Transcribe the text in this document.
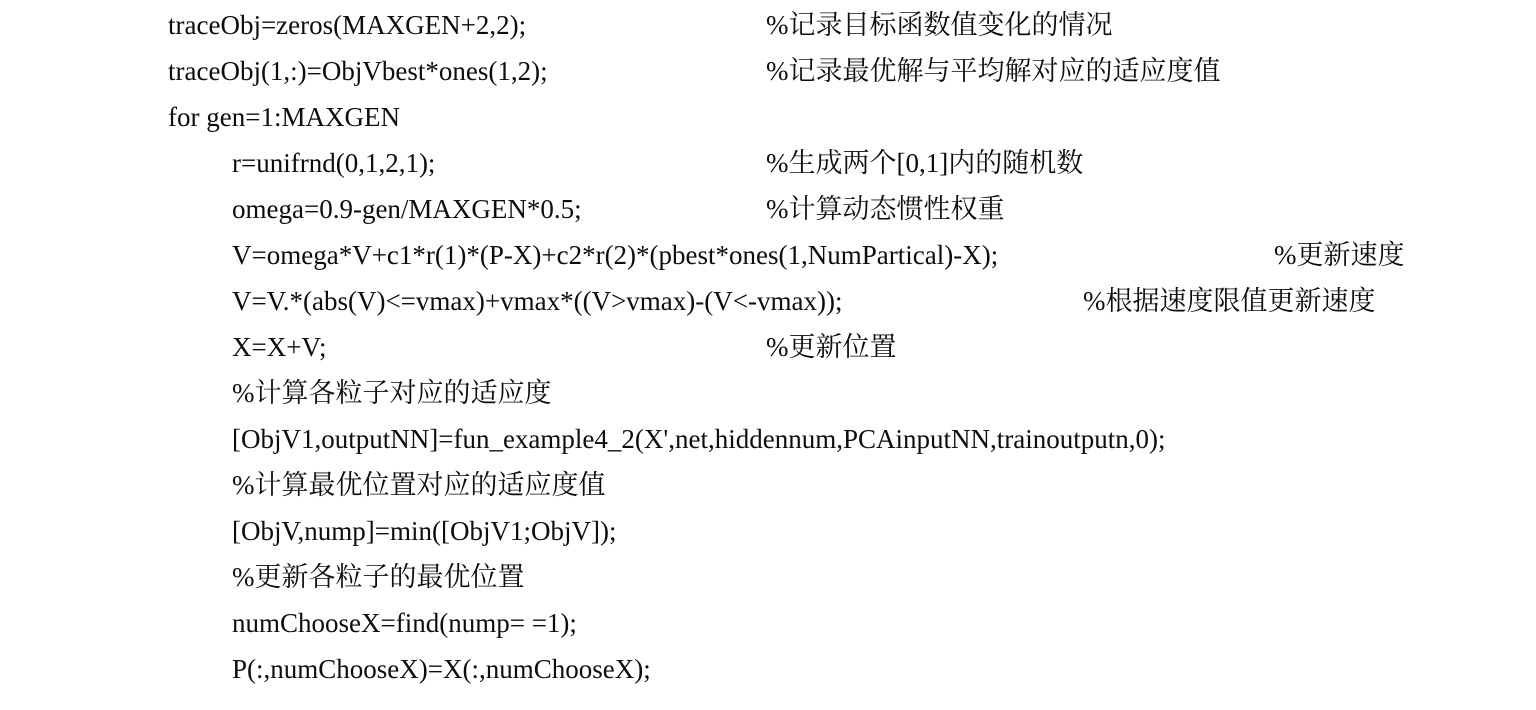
traceObj=zeros(MAXGEN+2,2);	%记录目标函数值变化的情况
traceObj(1,:)=ObjVbest*ones(1,2);	%记录最优解与平均解对应的适应度值
for gen=1:MAXGEN
r=unifrnd(0,1,2,1);	%生成两个[0,1]内的随机数
omega=0.9-gen/MAXGEN*0.5;	%计算动态惯性权重
V=omega*V+c1*r(1)*(P-X)+c2*r(2)*(pbest*ones(1,NumPartical)-X);	%更新速度
V=V.*(abs(V)<=vmax)+vmax*((V>vmax)-(V<-vmax));	%根据速度限值更新速度
X=X+V;	%更新位置
%计算各粒子对应的适应度
[ObjV1,outputNN]=fun_example4_2(X',net,hiddennum,PCAinputNN,trainoutputn,0);
%计算最优位置对应的适应度值
[ObjV,nump]=min([ObjV1;ObjV]);
%更新各粒子的最优位置
numChooseX=find(nump= =1);
P(:,numChooseX)=X(:,numChooseX);
